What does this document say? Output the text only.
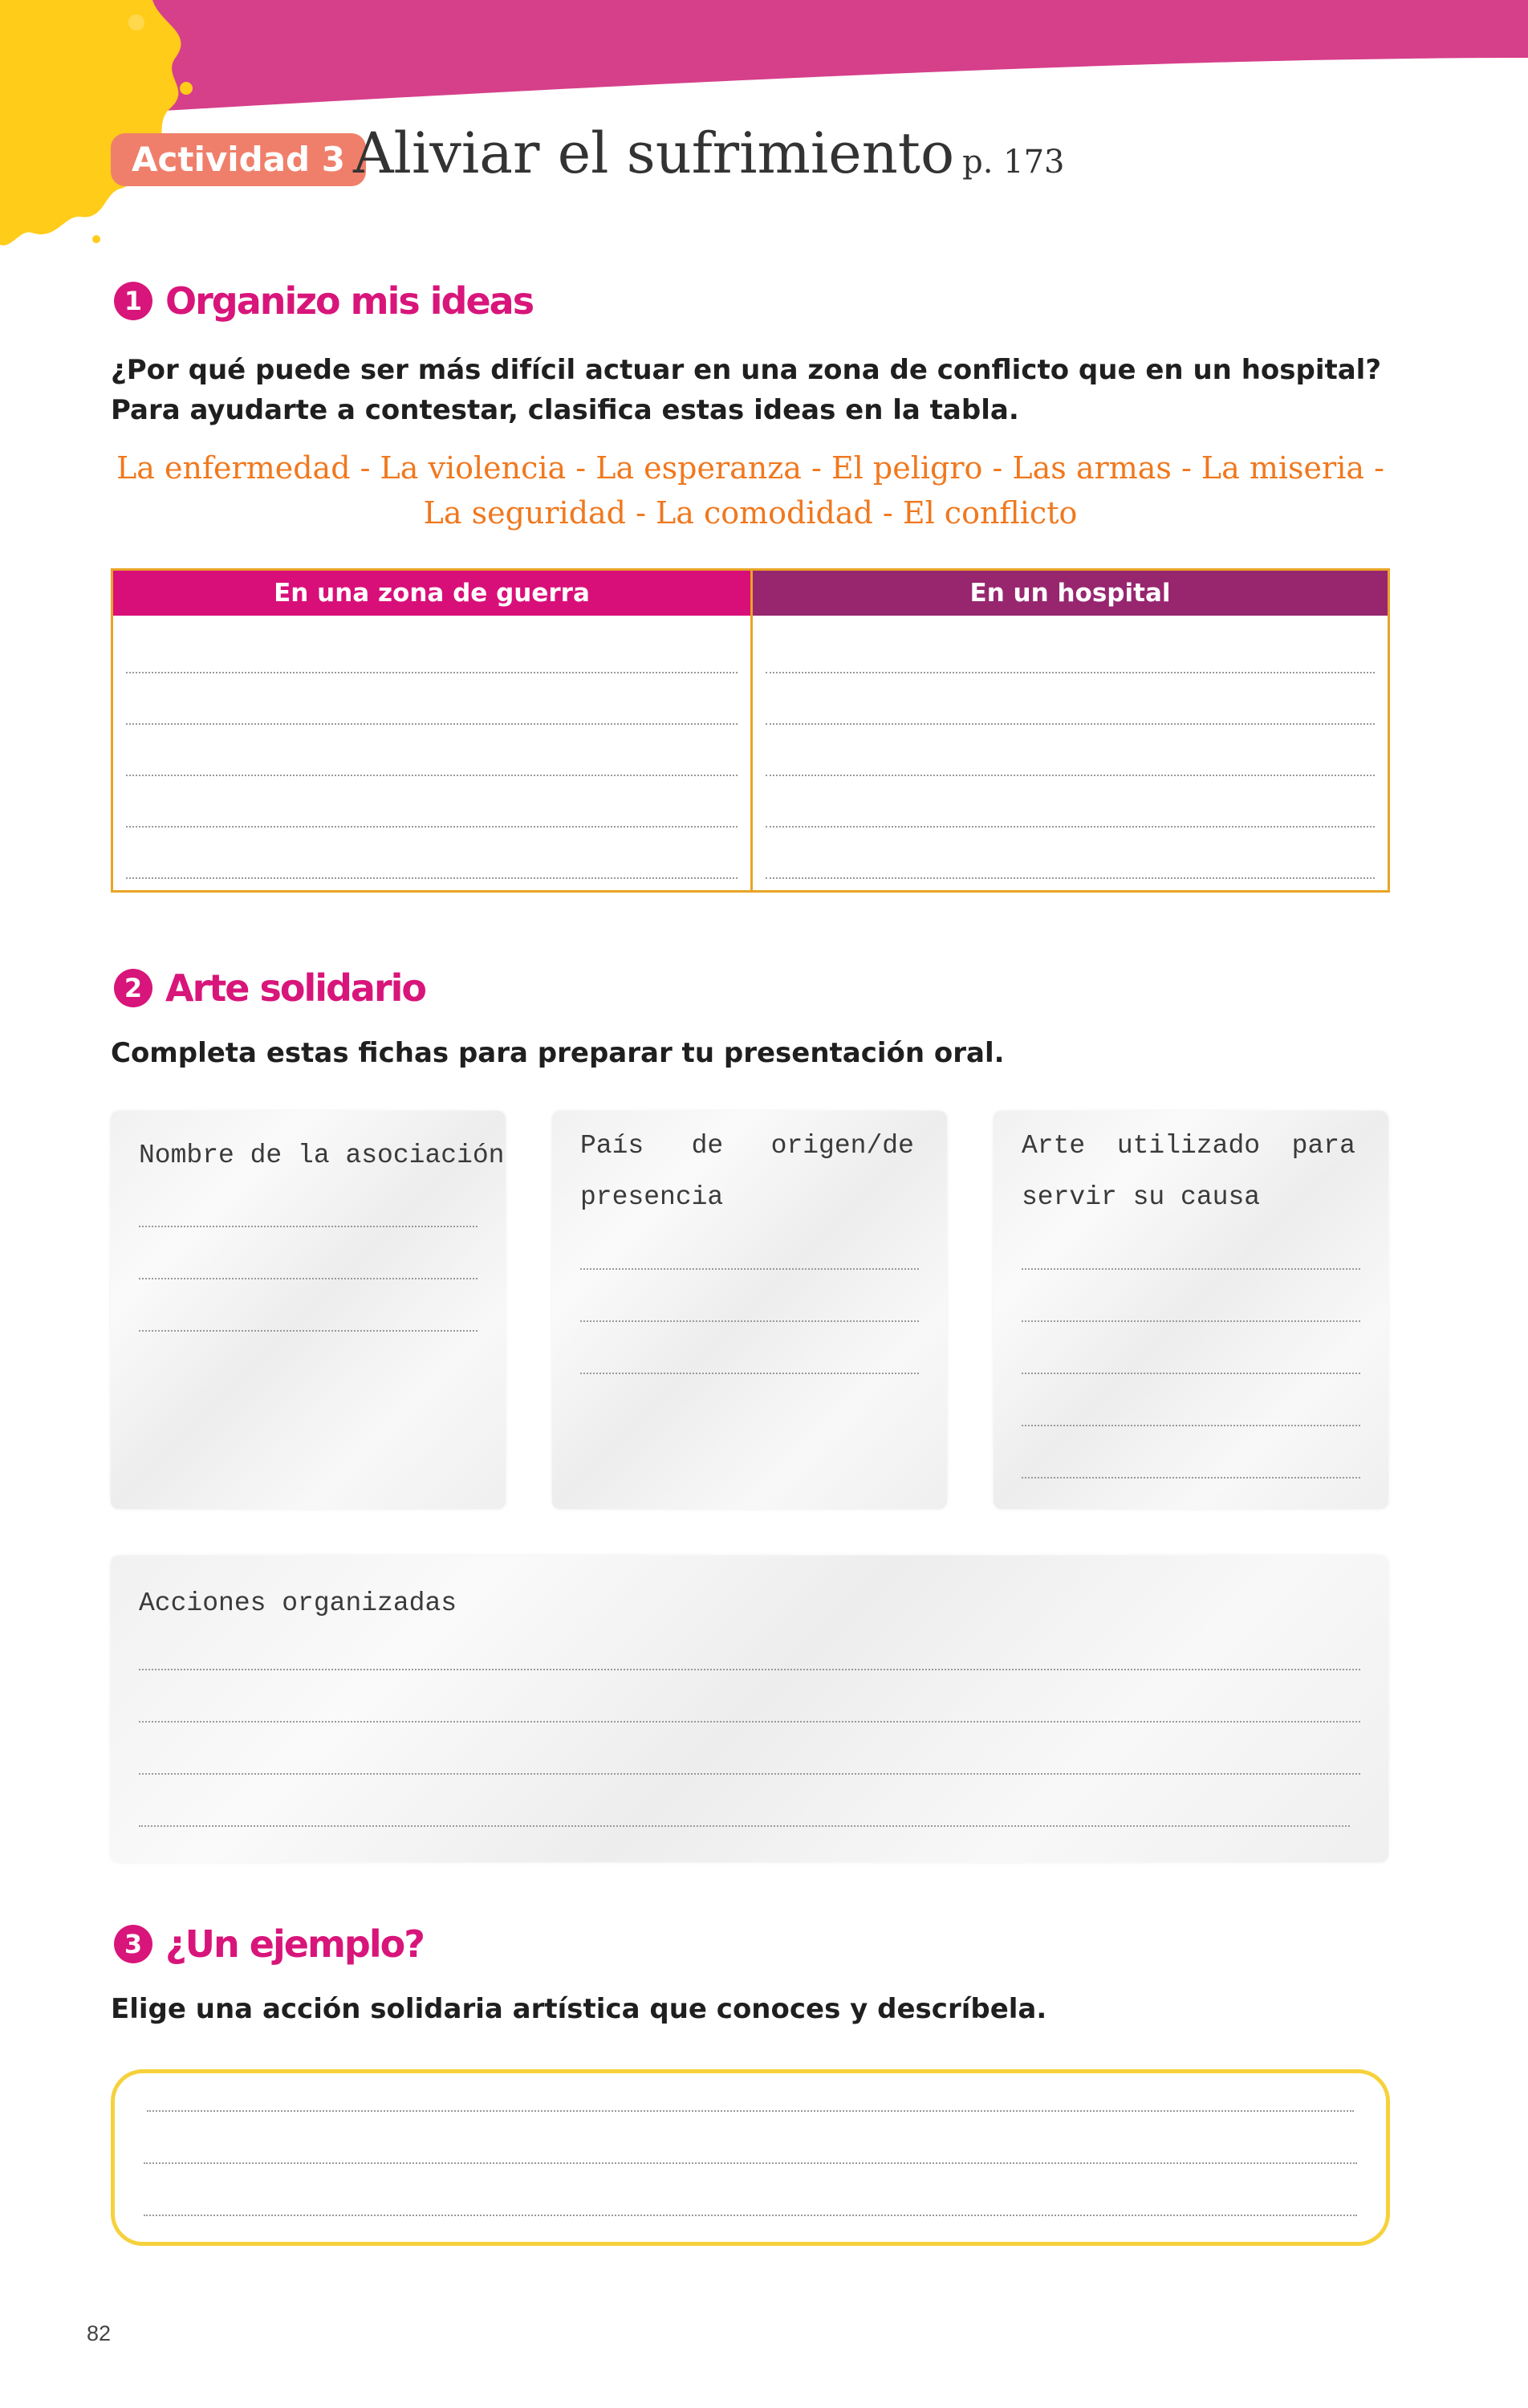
Actividad 3 Aliviar el sufrimiento p. 173
1 Organizo mis ideas
¿Por qué puede ser más difícil actuar en una zona de conflicto que en un hospital?
Para ayudarte a contestar, clasifica estas ideas en la tabla.
La enfermedad - La violencia - La esperanza - El peligro - Las armas - La miseria -
La seguridad - La comodidad - El conflicto
En una zona de guerra	En un hospital
2 Arte solidario
Completa estas fichas para preparar tu presentación oral.
Nombre de la asociación	País   de   origen/de
presencia
Arte  utilizado  para
servir su causa
Acciones organizadas
3 ¿Un ejemplo?
Elige una acción solidaria artística que conoces y descríbela.
82
